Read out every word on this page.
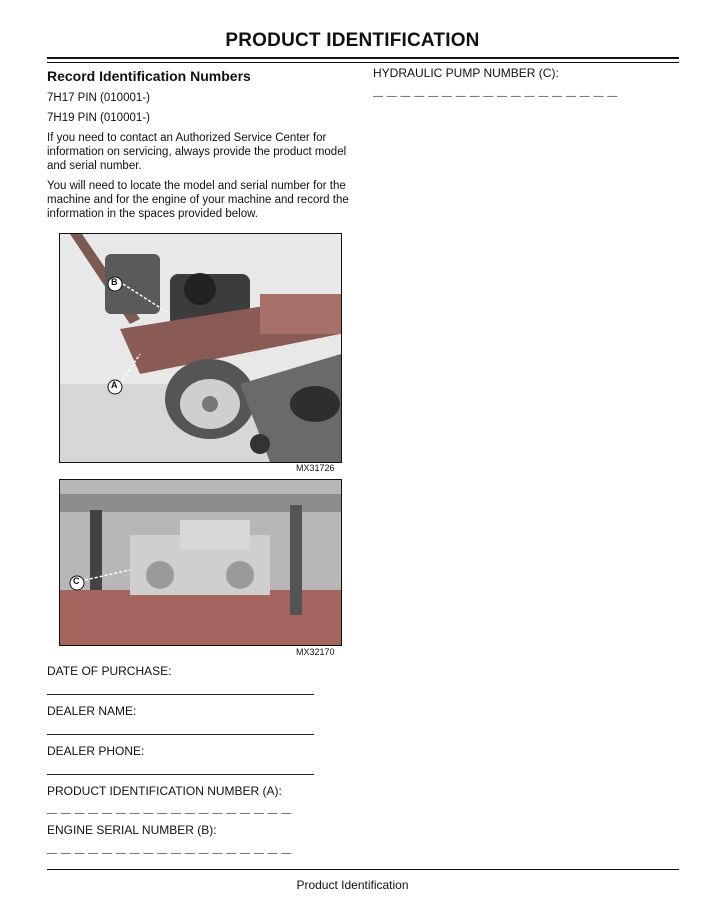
PRODUCT IDENTIFICATION
Record Identification Numbers
7H17 PIN (010001-)
7H19 PIN (010001-)
If you need to contact an Authorized Service Center for information on servicing, always provide the product model and serial number.
You will need to locate the model and serial number for the machine and for the engine of your machine and record the information in the spaces provided below.
A
B
MX31726
C
MX32170
DATE OF PURCHASE:
DEALER NAME:
DEALER PHONE:
PRODUCT IDENTIFICATION NUMBER (A):
— — — — — — — — — — — — — — — — — —
ENGINE SERIAL NUMBER (B):
— — — — — — — — — — — — — — — — — —
HYDRAULIC PUMP NUMBER (C):
— — — — — — — — — — — — — — — — — —
Product Identification
